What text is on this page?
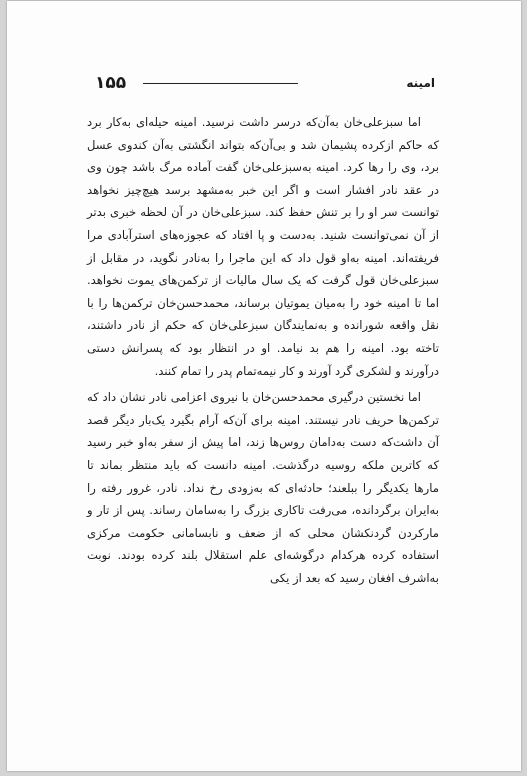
۱۵۵	امینه

اما سبزعلی‌خان به‌آن‌که درسر داشت نرسید. امینه حیله‌ای به‌کار برد که حاکم ازکرده پشیمان شد و بی‌آن‌که بتواند انگشتی به‌آن کندوی عسل برد، وی را رها کرد. امینه به‌سبزعلی‌خان گفت آماده مرگ باشد چون وی در عقد نادر افشار است و اگر این خبر به‌مشهد برسد هیچ‌چیز نخواهد توانست سر او را بر تنش حفظ کند. سبزعلی‌خان در آن لحظه خبری بدتر از آن نمی‌توانست شنید. به‌دست و پا افتاد که عجوزه‌های استرآبادی مرا فریفته‌اند. امینه به‌او قول داد که این ماجرا را به‌نادر نگوید، در مقابل از سبزعلی‌خان قول گرفت که یک سال مالیات از ترکمن‌های یموت نخواهد. اما تا امینه خود را به‌میان یموتیان برساند، محمدحسن‌خان ترکمن‌ها را با نقل واقعه شورانده و به‌نمایندگان سبزعلی‌خان که حکم از نادر داشتند، تاخته بود. امینه را هم بد نیامد. او در انتظار بود که پسرانش دستی درآورند و لشکری گرد آورند و کار نیمه‌تمام پدر را تمام کنند.

اما نخستین درگیری محمدحسن‌خان با نیروی اعزامی نادر نشان داد که ترکمن‌ها حریف نادر نیستند. امینه برای آن‌که آرام بگیرد یک‌بار دیگر قصد آن داشت‌که دست به‌دامان روس‌ها زند، اما پیش از سفر به‌او خبر رسید که کاترین ملکه روسیه درگذشت. امینه دانست که باید منتظر بماند تا مارها یکدیگر را ببلعند؛ حادثه‌ای که به‌زودی رخ نداد. نادر، غرور رفته را به‌ایران برگردانده، می‌رفت تاکاری بزرگ را به‌سامان رساند. پس از تار و مارکردن گردنکشان محلی که از ضعف و نابسامانی حکومت مرکزی استفاده کرده هرکدام درگوشه‌ای علم استقلال بلند کرده بودند. نوبت به‌اشرف افغان رسید که بعد از یکی
